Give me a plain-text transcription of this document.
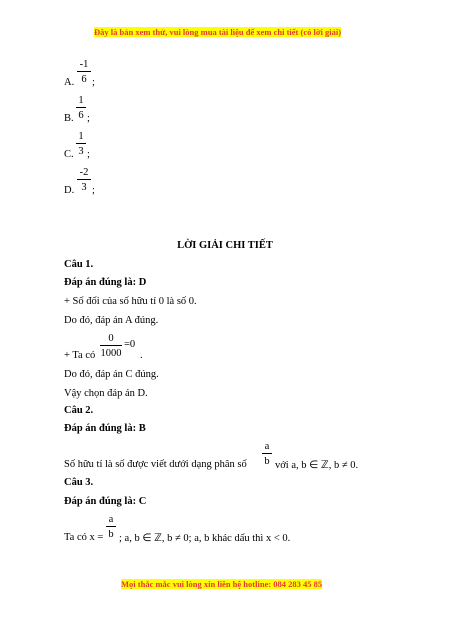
Đây là bản xem thử, vui lòng mua tài liệu để xem chi tiết (có lời giải)
A.
-1
6 ;
B.
1
6 ;
C.
1
3 ;
D.
-2
3 ;
LỜI GIẢI CHI TIẾT
Câu 1.
Đáp án đúng là: D
+ Số đối của số hữu tỉ 0 là số 0.
Do đó, đáp án A đúng.
+ Ta có
0
1000
=0
.
Do đó, đáp án C đúng.
Vậy chọn đáp án D.
Câu 2.
Đáp án đúng là: B
Số hữu tỉ là số được viết dưới dạng phân số
a
b với a, b ∈ ℤ, b ≠ 0.
Câu 3.
Đáp án đúng là: C
Ta có x =
a
b ; a, b ∈ ℤ, b ≠ 0; a, b khác dấu thì x < 0.
Mọi thắc mắc vui lòng xin liên hệ hotline: 084 283 45 85
